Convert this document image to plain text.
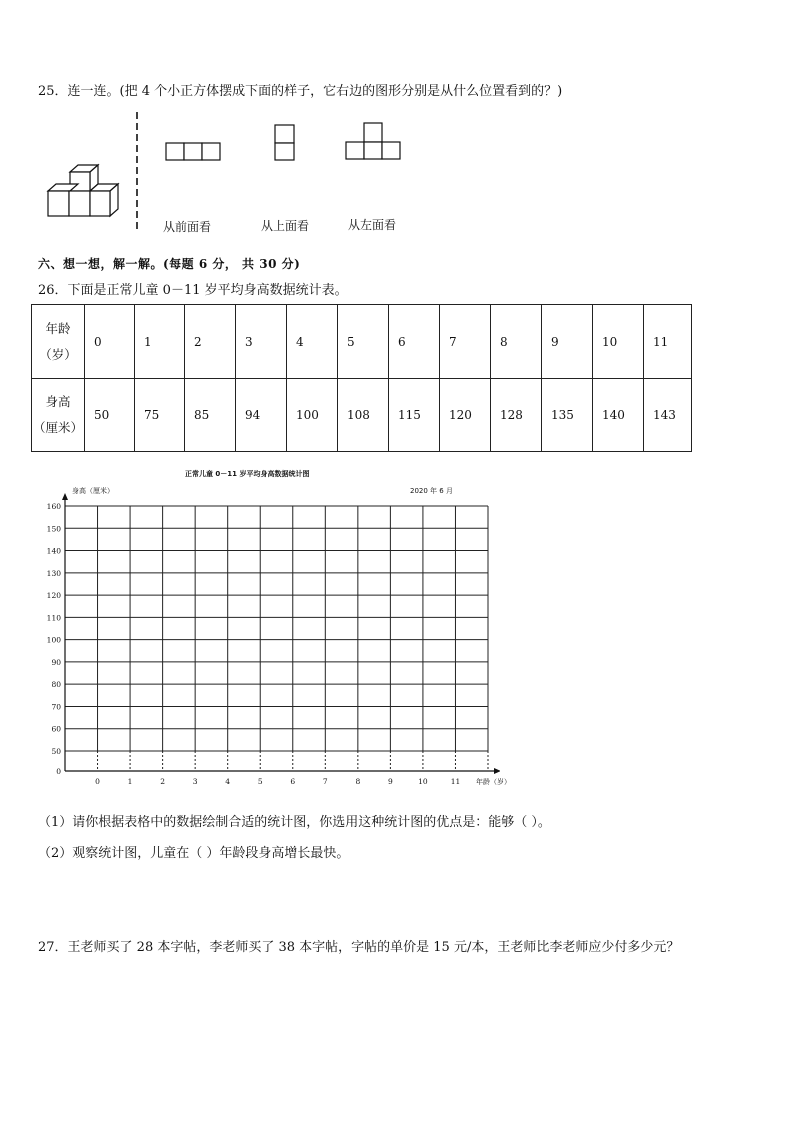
25．连一连。(把 4 个小正方体摆成下面的样子，它右边的图形分别是从什么位置看到的？)
从前面看	从上面看	从左面看
六、想一想，解一解。(每题 6 分， 共 30 分)
26．下面是正常儿童 0－11 岁平均身高数据统计表。
年龄
（岁）	0	1	2	3	4	5	6	7	8	9	10	11

身高
（厘米）	50	75	85	94	100	108	115	120	128	135	140	143
正常儿童 0－11 岁平均身高数据统计图
身高（厘米）	2020 年 6 月
年龄（岁）
160
150
140
130
120
110
100
90
80
70
60
50
0
0	1	2	3	4	5	6	7	8	9	10	11
（1）请你根据表格中的数据绘制合适的统计图，你选用这种统计图的优点是：能够（ ）。
（2）观察统计图，儿童在（ ）年龄段身高增长最快。
27．王老师买了 28 本字帖，李老师买了 38 本字帖，字帖的单价是 15 元/本，王老师比李老师应少付多少元？
